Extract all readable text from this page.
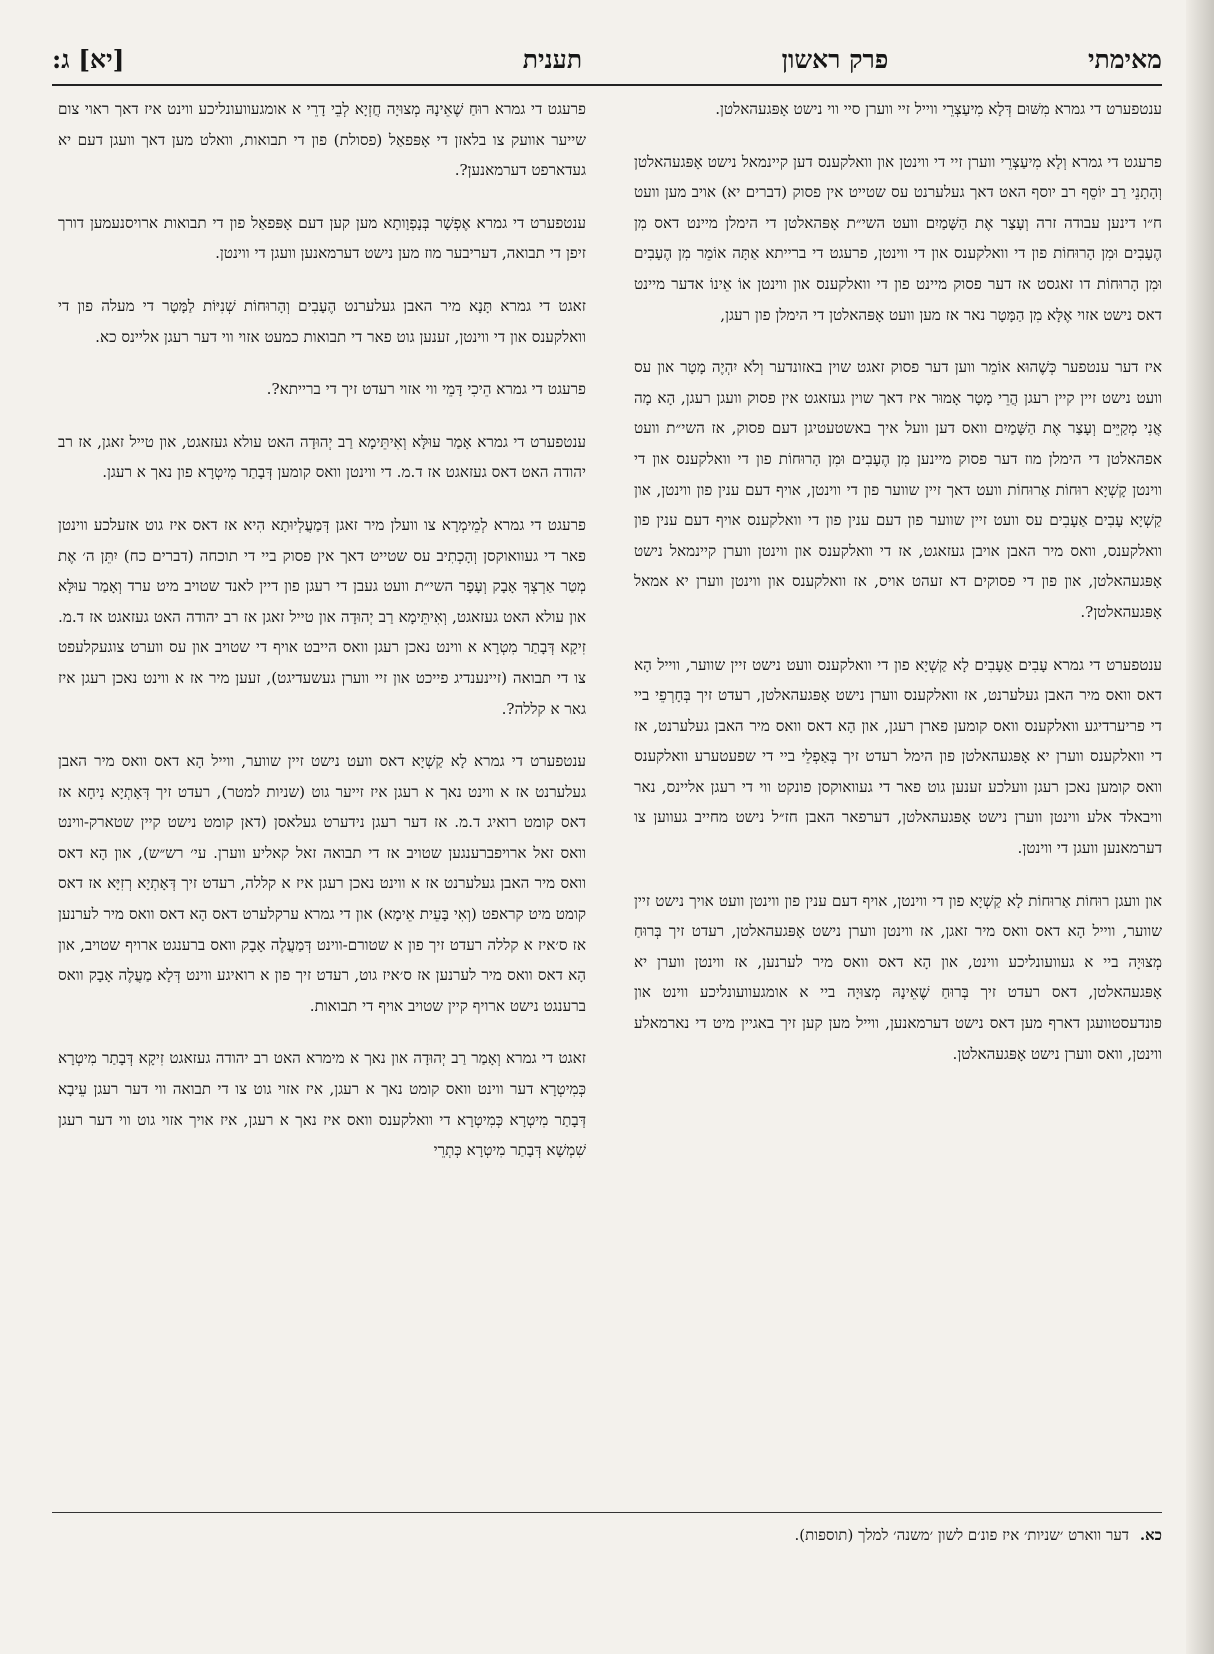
מאימתי
פרק ראשון
תענית                                            [יא] ג:

ענטפערט די גמרא מִשּׁוּם דְּלָא מִיעַצְרֵי ווייל זיי ווערן סיי ווי נישט אָפּגעהאלטן.

פרעגט די גמרא וְלָא מִיעַצְרֵי ווערן זיי די ווינטן און וואלקענס דען קיינמאל נישט אָפּגעהאלטן וְהָתָנֵי רַב יוֹסֵף רב יוסף האט דאך געלערנט עס שטייט אין פסוק (דברים יא) אויב מען וועט ח״ו דינען עבודה זרה וְעָצַר אֶת הַשָּׁמַיִם וועט השי״ת אָפּהאלטן די הימלן מיינט דאס מִן הֶעָבִים וּמִן הָרוּחוֹת פון די וואלקענס און די ווינטן, פרעגט די ברייתא אַתָּה אוֹמֵר מִן הֶעָבִים וּמִן הָרוּחוֹת דו זאגסט אז דער פסוק מיינט פון די וואלקענס און ווינטן אוֹ אֵינוֹ אדער מיינט דאס נישט אזוי אֶלָּא מִן הַמָּטָר נאר אז מען וועט אָפּהאלטן די הימלן פון רעגן,

איז דער ענטפער כְּשֶׁהוּא אוֹמֵר ווען דער פסוק זאגט שוין באזונדער וְלֹא יִהְיֶה מָטָר און עס וועט נישט זיין קיין רעגן הֲרֵי מָטָר אָמוּר איז דאך שוין געזאגט אין פסוק וועגן רעגן, הָא מָה אֲנִי מְקַיֵּים וְעָצַר אֶת הַשָּׁמַיִם וואס דען וועל איך באשטעטיגן דעם פסוק, אז השי״ת וועט אפהאלטן די הימלן מוז דער פסוק מיינען מִן הֶעָבִים וּמִן הָרוּחוֹת פון די וואלקענס און די ווינטן קָשְׁיָא רוּחוֹת אַרוּחוֹת וועט דאך זיין שווער פון די ווינטן, אויף דעם ענין פון ווינטן, און קַשְׁיָא עָבִים אַעָבִים עס וועט זיין שווער פון דעם ענין פון די וואלקענס אויף דעם ענין פון וואלקענס, וואס מיר האבן אויבן געזאגט, אז די וואלקענס און ווינטן ווערן קיינמאל נישט אָפּגעהאלטן, און פון די פסוקים דא זעהט אויס, אז וואלקענס און ווינטן ווערן יא אמאל אָפּגעהאלטן?.

ענטפערט די גמרא עָבִים אַעָבִים לָא קַשְׁיָא פון די וואלקענס וועט נישט זיין שווער, ווייל הָא דאס וואס מיר האבן געלערנט, אז וואלקענס ווערן נישט אָפּגעהאלטן, רעדט זיך בְּחָרְפֵי ביי די פריערדיגע וואלקענס וואס קומען פארן רעגן, און הָא דאס וואס מיר האבן געלערנט, אז די וואלקענס ווערן יא אָפּגעהאלטן פון הימל רעדט זיך בְּאַפְלֵי ביי די שפעטערע וואלקענס וואס קומען נאכן רעגן וועלכע זענען גוט פאר די געוואוקסן פונקט ווי די רעגן אליינס, נאר וויבאלד אלע ווינטן ווערן נישט אָפּגעהאלטן, דערפאר האבן חז״ל נישט מחייב געווען צו דערמאנען וועגן די ווינטן.

און וועגן רוּחוֹת אַרוּחוֹת לָא קַשְׁיָא פון די ווינטן, אויף דעם ענין פון ווינטן וועט אויך נישט זיין שווער, ווייל הָא דאס וואס מיר זאגן, אז ווינטן ווערן נישט אָפּגעהאלטן, רעדט זיך בְּרוּחַ מְצוּיָה ביי א געוועונליכע ווינט, און הָא דאס וואס מיר לערנען, אז ווינטן ווערן יא אָפּגעהאלטן, דאס רעדט זיך בְּרוּחַ שֶׁאֵינָהּ מְצוּיָה ביי א אומגעוועונליכע ווינט און פונדעסטוועגן דארף מען דאס נישט דערמאנען, ווייל מען קען זיך באגיין מיט די נארמאלע ווינטן, וואס ווערן נישט אָפּגעהאלטן.

פרעגט די גמרא רוּחַ שֶׁאֵינָהּ מְצוּיָה חֲזְיָא לְבֵי דָרֵי א אומגעוועונליכע ווינט איז דאך ראוי צום שייער אוועק צו בלאזן די אָפּפאַל (פסולת) פון די תבואות, וואלט מען דאך וועגן דעם יא געדארפט דערמאנען?.

ענטפערט די גמרא אֶפְשָׁר בְּנָפְוָותָא מען קען דעם אָפּפאַל פון די תבואות ארויסנעמען דורך זיפן די תבואה, דעריבער מוז מען נישט דערמאנען וועגן די ווינטן.

זאגט די גמרא תָּנָא מיר האבן געלערנט הֶעָבִים וְהָרוּחוֹת שְׁנִיּוֹת לַמָּטָר די מעלה פון די וואלקענס און די ווינטן, זענען גוט פאר די תבואות כמעט אזוי ווי דער רעגן אליינס כא.

פרעגט די גמרא הֵיכִי דָּמֵי ווי אזוי רעדט זיך די ברייתא?.

ענטפערט די גמרא אָמַר עוּלָּא וְאִיתֵּימָא רַב יְהוּדָה האט עולא געזאגט, און טייל זאגן, אז רב יהודה האט דאס געזאגט אז ד.מ. די ווינטן וואס קומען דְּבָתַר מִיטְרָא פון נאך א רעגן.

פרעגט די גמרא לְמֵימְרָא צו וועלן מיר זאגן דְּמַעֲלְיוּתָא הִיא אז דאס איז גוט אזעלכע ווינטן פאר די געוואוקסן וְהָכְתִיב עס שטייט דאך אין פסוק ביי די תוכחה (דברים כח) יִתֵּן ה׳ אֶת מְטַר אַרְצְךָ אָבָק וְעָפָר השי״ת וועט געבן די רעגן פון דיין לאנד שטויב מיט ערד וְאָמַר עוּלָּא און עולא האט געזאגט, וְאִיתֵּימָא רַב יְהוּדָה און טייל זאגן אז רב יהודה האט געזאגט אז ד.מ. זִיקָא דְּבָתַר מִטְרָא א ווינט נאכן רעגן וואס הייבט אויף די שטויב און עס ווערט צוגעקלעפט צו די תבואה (זיינענדיג פייכט און זיי ווערן געשעדיגט), זעען מיר אז א ווינט נאכן רעגן איז גאר א קללה?.

ענטפערט די גמרא לָא קַשְׁיָא דאס וועט נישט זיין שווער, ווייל הָא דאס וואס מיר האבן געלערנט אז א ווינט נאך א רעגן איז זייער גוט (שניות למטר), רעדט זיך דְּאָתְיָא נִיחָא אז דאס קומט רואיג ד.מ. אז דער רעגן נידערט געלאסן (דאן קומט נישט קיין שטארק-ווינט וואס זאל ארויפברענגען שטויב אז די תבואה זאל קאליע ווערן. עי׳ רש״ש), און הָא דאס וואס מיר האבן געלערנט אז א ווינט נאכן רעגן איז א קללה, רעדט זיך דְּאָתְיָא רְזִיָּא אז דאס קומט מיט קראפט (וְאִי בָּעֵית אֵימָא) און די גמרא ערקלערט דאס הָא דאס וואס מיר לערנען אז ס׳איז א קללה רעדט זיך פון א שטורם-ווינט דְּמַעֲלֶה אָבָק וואס ברענגט ארויף שטויב, און הָא דאס וואס מיר לערנען אז ס׳איז גוט, רעדט זיך פון א רואיגע ווינט דְּלָא מַעֲלֶה אָבָק וואס ברענגט נישט ארויף קיין שטויב אויף די תבואות.

זאגט די גמרא וְאָמַר רַב יְהוּדָה און נאך א מימרא האט רב יהודה געזאגט זִיקָא דְּבָתַר מִיטְרָא כְּמִיטְרָא דער ווינט וואס קומט נאך א רעגן, איז אזוי גוט צו די תבואה ווי דער רעגן עֵיבָא דְּבָתַר מִיטְרָא כְּמִיטְרָא די וואלקענס וואס איז נאך א רעגן, איז אויך אזוי גוט ווי דער רעגן שִׁמְשָׁא דְּבָתַר מִיטְרָא כְּתְרֵי

כא. דער ווארט ׳שניות׳ איז פונ׳ם לשון ׳משנה׳ למלך (תוספות).
